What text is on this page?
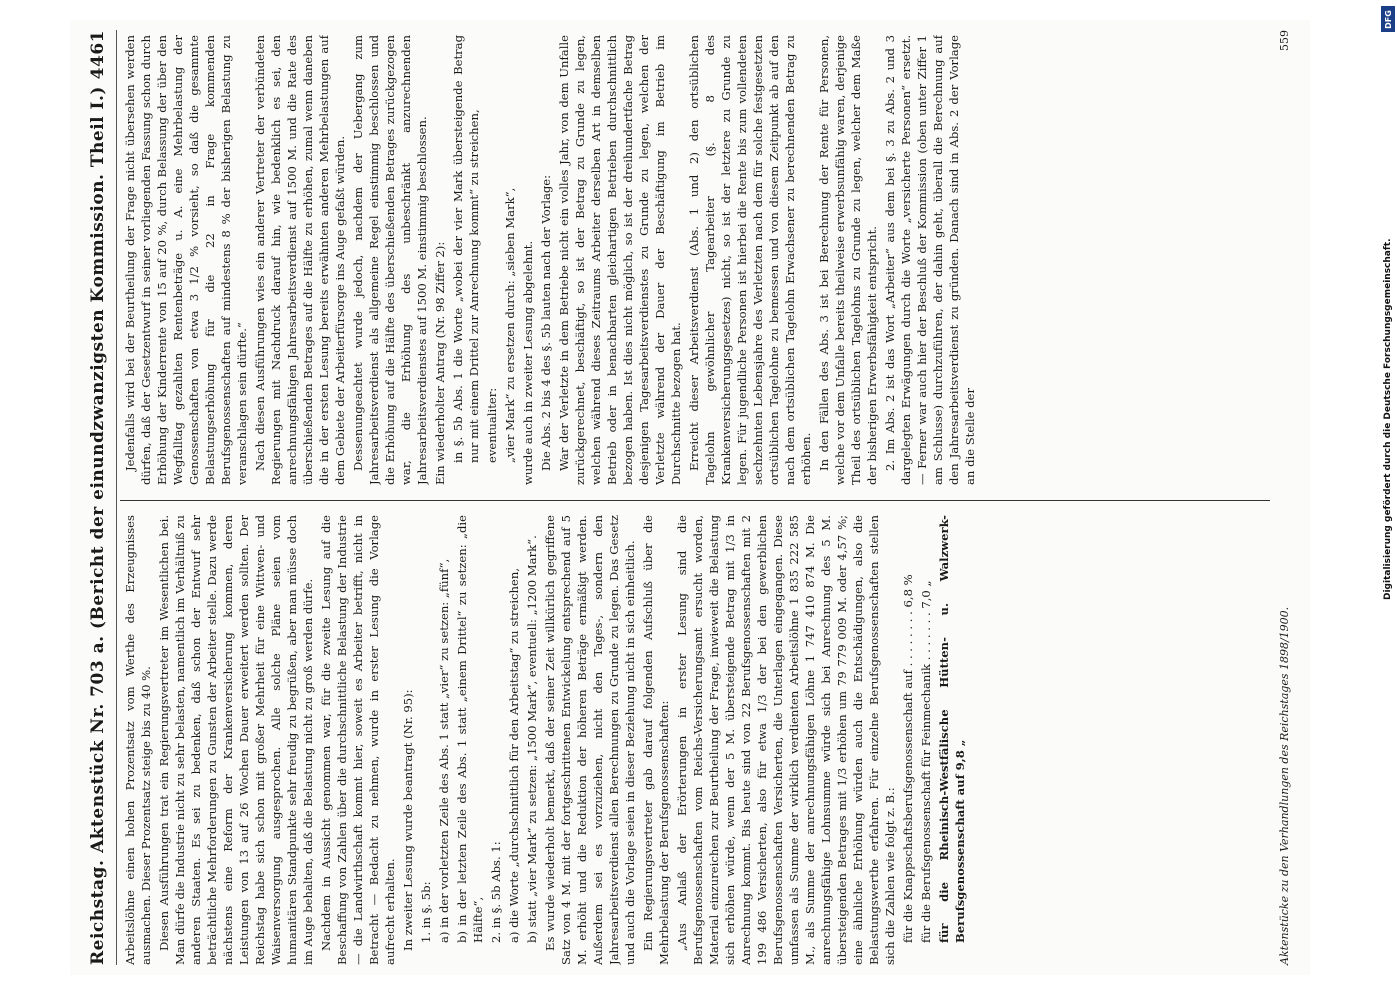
Reichstag.
Aktenstück Nr. 703 a. (Bericht der einundzwanzigsten Kommission. Theil I.)
4461

Arbeitslöhne einen hohen Prozentsatz vom Werthe des Erzeugnisses ausmachen. Dieser Prozentsatz steige bis zu 40 %. Diesen Ausführungen trat ein Regierungsvertreter im Wesentlichen bei. Man dürfe die Industrie nicht zu sehr belasten, namentlich im Verhältniß zu anderen Staaten. Es sei zu bedenken, daß schon der Entwurf sehr beträchtliche Mehrforderungen zu Gunsten der Arbeiter stelle. Dazu werde nächstens eine Reform der Krankenversicherung kommen, deren Leistungen von 13 auf 26 Wochen Dauer erweitert werden sollten. Der Reichstag habe sich schon mit großer Mehrheit für eine Wittwen- und Waisenversorgung ausgesprochen. Alle solche Pläne seien vom humanitären Standpunkte sehr freudig zu begrüßen, aber man müsse doch im Auge behalten, daß die Belastung nicht zu groß werden dürfe. Nachdem in Aussicht genommen war, für die zweite Lesung auf die Beschaffung von Zahlen über die durchschnittliche Belastung der Industrie — die Landwirthschaft kommt hier, soweit es Arbeiter betrifft, nicht in Betracht — Bedacht zu nehmen, wurde in erster Lesung die Vorlage aufrecht erhalten. In zweiter Lesung wurde beantragt (Nr. 95): 1. in §. 5b: a) in der vorletzten Zeile des Abs. 1 statt „vier“ zu setzen: „fünf“, b) in der letzten Zeile des Abs. 1 statt „einem Drittel“ zu setzen: „die Hälfte“, 2. in §. 5b Abs. 1: a) die Worte „durchschnittlich für den Arbeitstag“ zu streichen, b) statt „vier Mark“ zu setzen: „1500 Mark“, eventuell: „1200 Mark“. Es wurde wiederholt bemerkt, daß der seiner Zeit willkürlich gegriffene Satz von 4 M. mit der fortgeschrittenen Entwickelung entsprechend auf 5 M. erhöht und die Reduktion der höheren Beträge ermäßigt werden. Außerdem sei es vorzuziehen, nicht den Tages-, sondern den Jahresarbeitsverdienst allen Berechnungen zu Grunde zu legen. Das Gesetz und auch die Vorlage seien in dieser Beziehung nicht in sich einheitlich. Ein Regierungsvertreter gab darauf folgenden Aufschluß über die Mehrbelastung der Berufsgenossenschaften: „Aus Anlaß der Erörterungen in erster Lesung sind die Berufsgenossenschaften vom Reichs-Versicherungsamt ersucht worden, Material einzureichen zur Beurtheilung der Frage, inwieweit die Belastung sich erhöhen würde, wenn der 5 M. übersteigende Betrag mit 1/3 in Anrechnung kommt. Bis heute sind von 22 Berufsgenossenschaften mit 2 199 486 Versicherten, also für etwa 1/3 der bei den gewerblichen Berufsgenossenschaften Versicherten, die Unterlagen eingegangen. Diese umfassen als Summe der wirklich verdienten Arbeitslöhne 1 835 222 585 M., als Summe der anrechnungsfähigen Löhne 1 747 410 874 M. Die anrechnungsfähige Lohnsumme würde sich bei Anrechnung des 5 M. übersteigenden Betrages mit 1/3 erhöhen um 79 779 009 M. oder 4,57 %; eine ähnliche Erhöhung würden auch die Entschädigungen, also die Belastungswerthe erfahren. Für einzelne Berufsgenossenschaften stellen sich die Zahlen wie folgt z. B.: für die Knappschaftsberufsgenossenschaft auf . . . . . . . . 6,8 % für die Berufsgenossenschaft für Feinmechanik . . . . . . . 7,0 „ für die Rheinisch-Westfälische Hütten- u. Walzwerk-Berufsgenossenschaft auf 9,8 „

Jedenfalls wird bei der Beurtheilung der Frage nicht übersehen werden dürfen, daß der Gesetzentwurf in seiner vorliegenden Fassung schon durch Erhöhung der Kinderrente von 15 auf 20 %, durch Belassung der über den Wegfalltag gezahlten Rentenbeträge u. A. eine Mehrbelastung der Genossenschaften von etwa 3 1/2 % vorsieht, so daß die gesammte Belastungserhöhung für die 22 in Frage kommenden Berufsgenossenschaften auf mindestens 8 % der bisherigen Belastung zu veranschlagen sein dürfte.“ Nach diesen Ausführungen wies ein anderer Vertreter der verbündeten Regierungen mit Nachdruck darauf hin, wie bedenklich es sei, den anrechnungsfähigen Jahresarbeitsverdienst auf 1500 M. und die Rate des überschießenden Betrages auf die Hälfte zu erhöhen, zumal wenn daneben die in der ersten Lesung bereits erwähnten anderen Mehrbelastungen auf dem Gebiete der Arbeiterfürsorge ins Auge gefaßt würden. Dessenungeachtet wurde jedoch, nachdem der Uebergang zum Jahresarbeitsverdienst als allgemeine Regel einstimmig beschlossen und die Erhöhung auf die Hälfte des überschießenden Betrages zurückgezogen war, die Erhöhung des unbeschränkt anzurechnenden Jahresarbeitsverdienstes auf 1500 M. einstimmig beschlossen. Ein wiederholter Antrag (Nr. 98 Ziffer 2): in §. 5b Abs. 1 die Worte „wobei der vier Mark übersteigende Betrag nur mit einem Drittel zur Anrechnung kommt“ zu streichen, eventualiter: „vier Mark“ zu ersetzen durch: „sieben Mark“, wurde auch in zweiter Lesung abgelehnt. Die Abs. 2 bis 4 des §. 5b lauten nach der Vorlage: War der Verletzte in dem Betriebe nicht ein volles Jahr, von dem Unfalle zurückgerechnet, beschäftigt, so ist der Betrag zu Grunde zu legen, welchen während dieses Zeitraums Arbeiter derselben Art in demselben Betrieb oder in benachbarten gleichartigen Betrieben durchschnittlich bezogen haben. Ist dies nicht möglich, so ist der dreihundertfache Betrag desjenigen Tagesarbeitsverdienstes zu Grunde zu legen, welchen der Verletzte während der Dauer der Beschäftigung im Betrieb im Durchschnitte bezogen hat. Erreicht dieser Arbeitsverdienst (Abs. 1 und 2) den ortsüblichen Tagelohn gewöhnlicher Tagearbeiter (§. 8 des Krankenversicherungsgesetzes) nicht, so ist der letztere zu Grunde zu legen. Für jugendliche Personen ist hierbei die Rente bis zum vollendeten sechzehnten Lebensjahre des Verletzten nach dem für solche festgesetzten ortsüblichen Tagelohne zu bemessen und von diesem Zeitpunkt ab auf den nach dem ortsüblichen Tagelohn Erwachsener zu berechnenden Betrag zu erhöhen. In den Fällen des Abs. 3 ist bei Berechnung der Rente für Personen, welche vor dem Unfalle bereits theilweise erwerbsunfähig waren, derjenige Theil des ortsüblichen Tagelohns zu Grunde zu legen, welcher dem Maße der bisherigen Erwerbsfähigkeit entspricht. 2. Im Abs. 2 ist das Wort „Arbeiter“ aus dem bei §. 3 zu Abs. 2 und 3 dargelegten Erwägungen durch die Worte „versicherte Personen“ ersetzt. — Ferner war auch hier der Beschluß der Kommission (oben unter Ziffer 1 am Schlusse) durchzuführen, der dahin geht, überall die Berechnung auf den Jahresarbeitsverdienst zu gründen. Danach sind in Abs. 2 der Vorlage an die Stelle der

Aktenstücke zu den Verhandlungen des Reichstages 1898/1900.
559
DFG
Digitalisierung gefördert durch die Deutsche Forschungsgemeinschaft.
